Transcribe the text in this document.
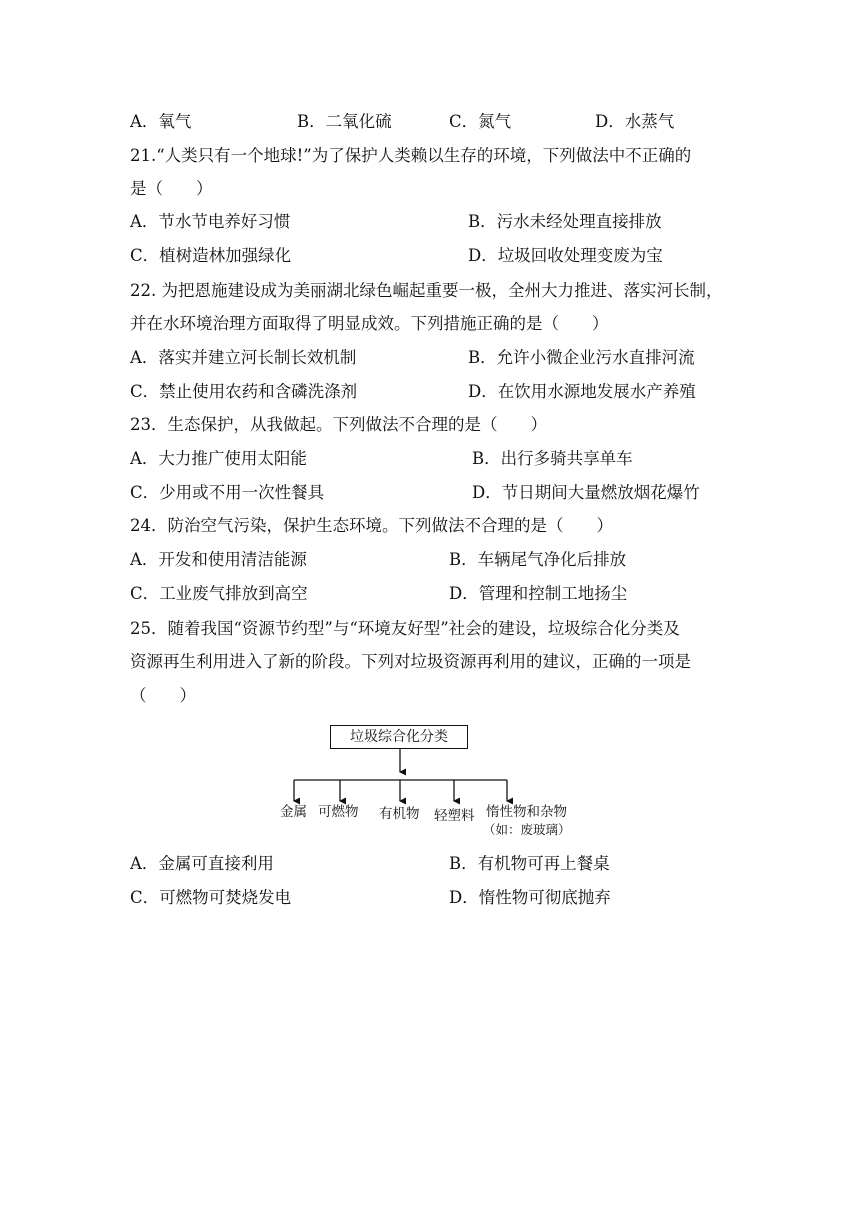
A．氧气	B．二氧化硫	C．氮气	D．水蒸气
21.“人类只有一个地球!”为了保护人类赖以生存的环境，下列做法中不正确的
是（　　）
A．节水节电养好习惯	B．污水未经处理直接排放
C．植树造林加强绿化	D．垃圾回收处理变废为宝
22. 为把恩施建设成为美丽湖北绿色崛起重要一极，全州大力推进、落实河长制，
并在水环境治理方面取得了明显成效。下列措施正确的是（　　）
A．落实并建立河长制长效机制	B．允许小微企业污水直排河流
C．禁止使用农药和含磷洗涤剂	D．在饮用水源地发展水产养殖
23．生态保护，从我做起。下列做法不合理的是（　　）
A．大力推广使用太阳能	B．出行多骑共享单车
C．少用或不用一次性餐具	D．节日期间大量燃放烟花爆竹
24．防治空气污染，保护生态环境。下列做法不合理的是（　　）
A．开发和使用清洁能源	B．车辆尾气净化后排放
C．工业废气排放到高空	D．管理和控制工地扬尘
25．随着我国“资源节约型”与“环境友好型”社会的建设，垃圾综合化分类及
资源再生利用进入了新的阶段。下列对垃圾资源再利用的建议，正确的一项是
（　　）
垃圾综合化分类
金属 可燃物 有机物 轻塑料 惰性物和杂物
（如：废玻璃）
A．金属可直接利用	B．有机物可再上餐桌
C．可燃物可焚烧发电	D．惰性物可彻底抛弃
